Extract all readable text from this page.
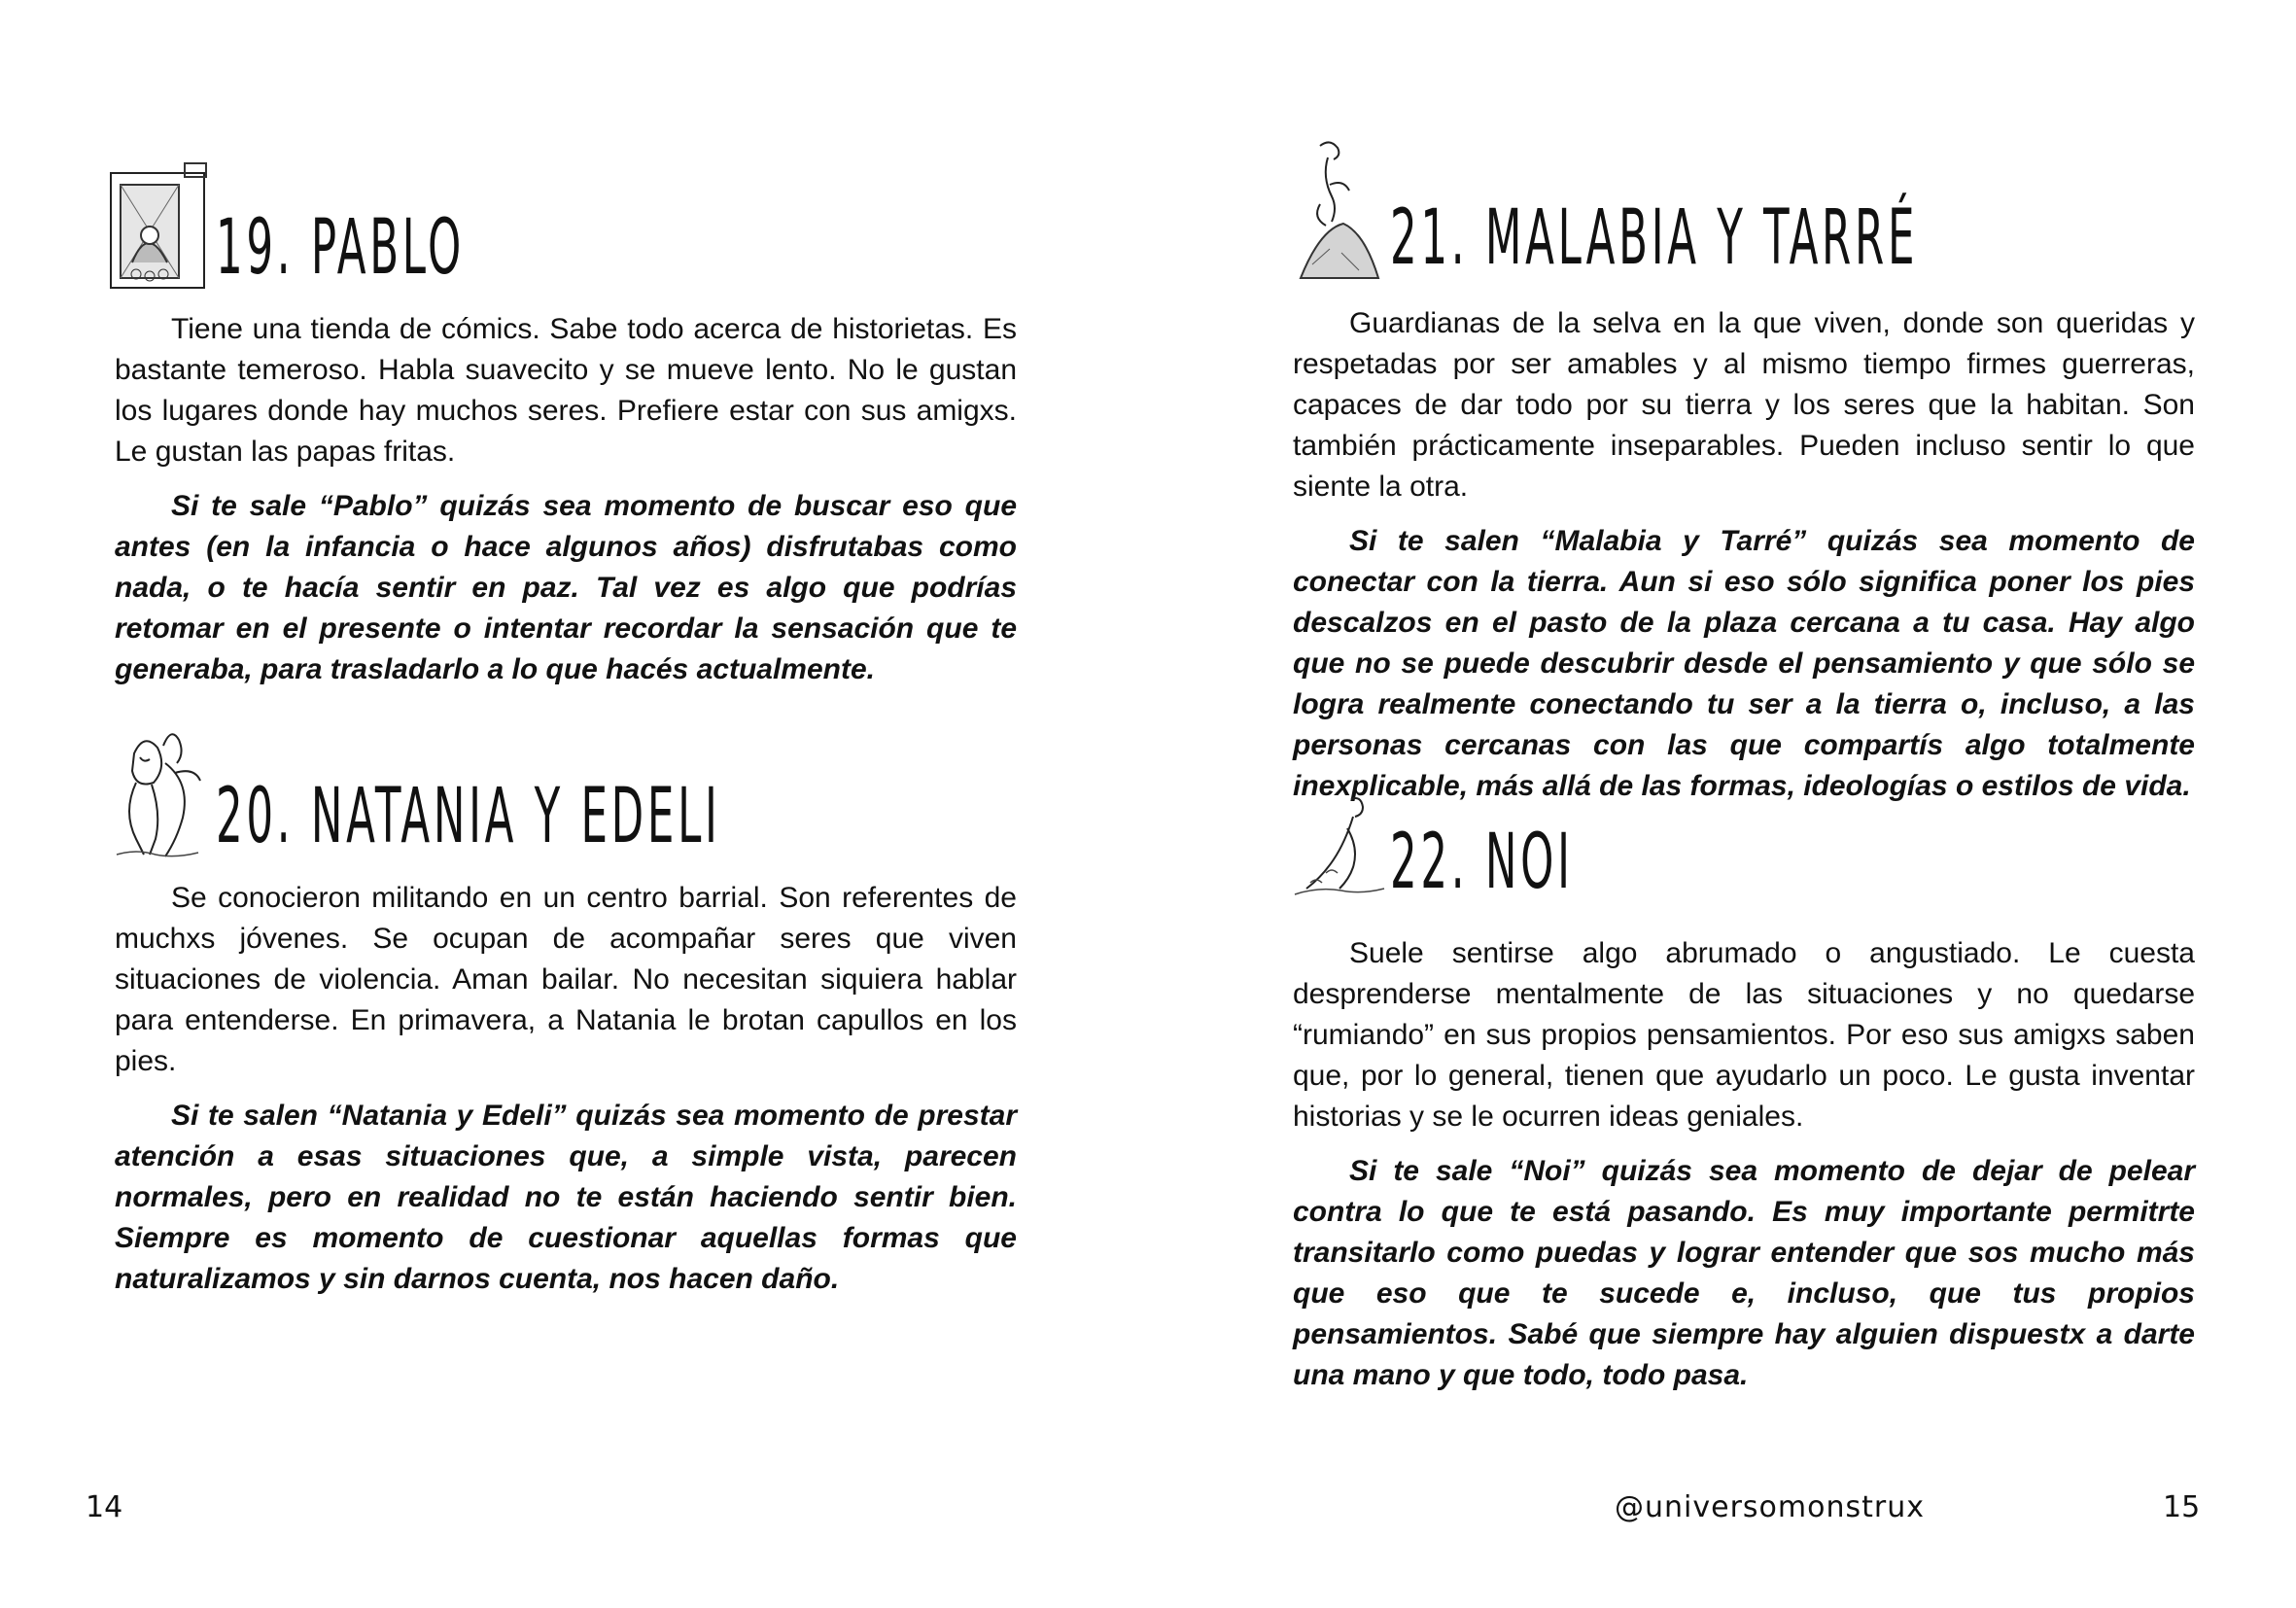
19. PABLO

Tiene una tienda de cómics. Sabe todo acerca de historietas. Es bastante temeroso. Habla suavecito y se mueve lento. No le gustan los lugares donde hay muchos seres. Prefiere estar con sus amigxs. Le gustan las papas fritas.

Si te sale “Pablo” quizás sea momento de buscar eso que antes (en la infancia o hace algunos años) disfrutabas como nada, o te hacía sentir en paz. Tal vez es algo que podrías retomar en el presente o intentar recordar la sensación que te generaba, para trasladarlo a lo que hacés actualmente.

20. NATANIA Y EDELI

Se conocieron militando en un centro barrial. Son referentes de muchxs jóvenes. Se ocupan de acompañar seres que viven situaciones de violencia. Aman bailar. No necesitan siquiera hablar para entenderse. En primavera, a Natania le brotan capullos en los pies.

Si te salen “Natania y Edeli” quizás sea momento de prestar atención a esas situaciones que, a simple vista, parecen normales, pero en realidad no te están haciendo sentir bien. Siempre es momento de cuestionar aquellas formas que naturalizamos y sin darnos cuenta, nos hacen daño.

14
21. MALABIA Y TARRÉ

Guardianas de la selva en la que viven, donde son queridas y respetadas por ser amables y al mismo tiempo firmes guerreras, capaces de dar todo por su tierra y los seres que la habitan. Son también prácticamente inseparables. Pueden incluso sentir lo que siente la otra.

Si te salen “Malabia y Tarré” quizás sea momento de conectar con la tierra. Aun si eso sólo significa poner los pies descalzos en el pasto de la plaza cercana a tu casa. Hay algo que no se puede descubrir desde el pensamiento y que sólo se logra realmente conectando tu ser a la tierra o, incluso, a las personas cercanas con las que compartís algo totalmente inexplicable, más allá de las formas, ideologías o estilos de vida.

22. NOI

Suele sentirse algo abrumado o angustiado. Le cuesta desprenderse mentalmente de las situaciones y no quedarse “rumiando” en sus propios pensamientos. Por eso sus amigxs saben que, por lo general, tienen que ayudarlo un poco. Le gusta inventar historias y se le ocurren ideas geniales.

Si te sale “Noi” quizás sea momento de dejar de pelear contra lo que te está pasando. Es muy importante permitrte transitarlo como puedas y lograr entender que sos mucho más que eso que te sucede e, incluso, que tus propios pensamientos. Sabé que siempre hay alguien dispuestx a darte una mano y que todo, todo pasa.

@universomonstrux	15
